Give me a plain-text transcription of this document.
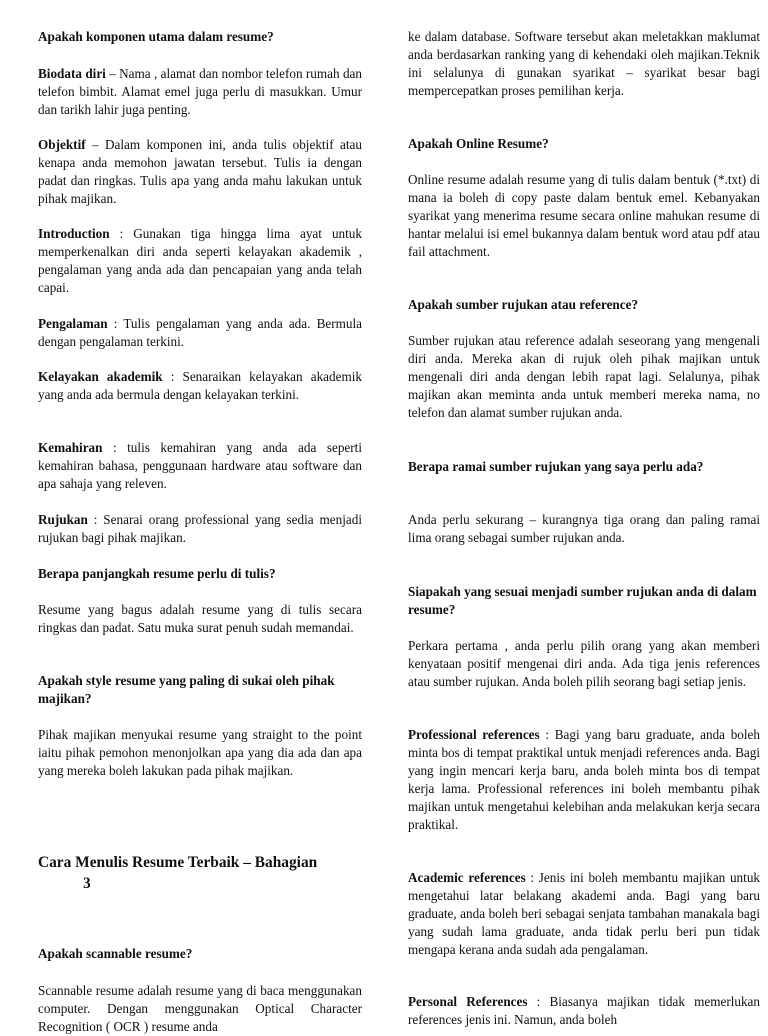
Apakah komponen utama dalam resume?

Biodata diri – Nama , alamat dan nombor telefon rumah dan telefon bimbit. Alamat emel juga perlu di masukkan. Umur dan tarikh lahir juga penting.

Objektif – Dalam komponen ini, anda tulis objektif atau kenapa anda memohon jawatan tersebut. Tulis ia dengan padat dan ringkas. Tulis apa yang anda mahu lakukan untuk pihak majikan.

Introduction : Gunakan tiga hingga lima ayat untuk memperkenalkan diri anda seperti kelayakan akademik , pengalaman yang anda ada dan pencapaian yang anda telah capai.

Pengalaman : Tulis pengalaman yang anda ada. Bermula dengan pengalaman terkini.

Kelayakan akademik : Senaraikan kelayakan akademik yang anda ada bermula dengan kelayakan terkini.

Kemahiran : tulis kemahiran yang anda ada seperti kemahiran bahasa, penggunaan hardware atau software dan apa sahaja yang releven.

Rujukan : Senarai orang professional yang sedia menjadi rujukan bagi pihak majikan.

Berapa panjangkah resume perlu di tulis?

Resume yang bagus adalah resume yang di tulis secara ringkas dan padat. Satu muka surat penuh sudah memandai.

Apakah style resume yang paling di sukai oleh pihak majikan?

Pihak majikan menyukai resume yang straight to the point iaitu pihak pemohon menonjolkan apa yang dia ada dan apa yang mereka boleh lakukan pada pihak majikan.

Apakah scannable resume?

Scannable resume adalah resume yang di baca menggunakan computer. Dengan menggunakan Optical Character Recognition ( OCR ) resume anda

Cara Menulis Resume Terbaik – Bahagian
3

ke dalam database. Software tersebut akan meletakkan maklumat anda berdasarkan ranking yang di kehendaki oleh majikan.Teknik ini selalunya di gunakan syarikat – syarikat besar bagi mempercepatkan proses pemilihan kerja.

Apakah Online Resume?

Online resume adalah resume yang di tulis dalam bentuk (*.txt) di mana ia boleh di copy paste dalam bentuk emel. Kebanyakan syarikat yang menerima resume secara online mahukan resume di hantar melalui isi emel bukannya dalam bentuk word atau pdf atau fail attachment.

Apakah sumber rujukan atau reference?

Sumber rujukan atau reference adalah seseorang yang mengenali diri anda. Mereka akan di rujuk oleh pihak majikan untuk mengenali diri anda dengan lebih rapat lagi. Selalunya, pihak majikan akan meminta anda untuk memberi mereka nama, no telefon dan alamat sumber rujukan anda.

Berapa ramai sumber rujukan yang saya perlu ada?

Anda perlu sekurang – kurangnya tiga orang dan paling ramai lima orang sebagai sumber rujukan anda.

Siapakah yang sesuai menjadi sumber rujukan anda di dalam resume?

Perkara pertama , anda perlu pilih orang yang akan memberi kenyataan positif mengenai diri anda. Ada tiga jenis references atau sumber rujukan. Anda boleh pilih seorang bagi setiap jenis.

Professional references : Bagi yang baru graduate, anda boleh minta bos di tempat praktikal untuk menjadi references anda. Bagi yang ingin mencari kerja baru, anda boleh minta bos di tempat kerja lama. Professional references ini boleh membantu pihak majikan untuk mengetahui kelebihan anda melakukan kerja secara praktikal.

Academic references : Jenis ini boleh membantu majikan untuk mengetahui latar belakang akademi anda. Bagi yang baru graduate, anda boleh beri sebagai senjata tambahan manakala bagi yang sudah lama graduate, anda tidak perlu beri pun tidak mengapa kerana anda sudah ada pengalaman.

Personal References : Biasanya majikan tidak memerlukan references jenis ini. Namun, anda boleh
